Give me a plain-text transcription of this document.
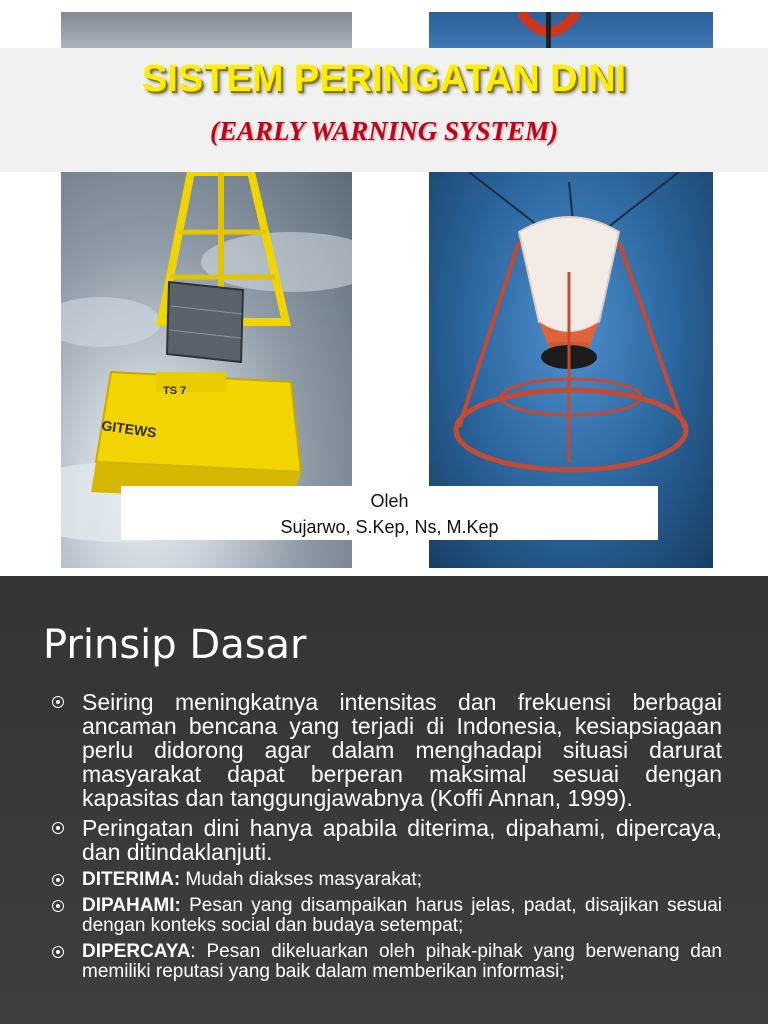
GITEWS
TS 7
SISTEM PERINGATAN DINI
(EARLY WARNING SYSTEM)
Oleh
Sujarwo, S.Kep, Ns, M.Kep
Prinsip Dasar
Seiring meningkatnya intensitas dan frekuensi berbagai ancaman bencana yang terjadi di Indonesia, kesiapsiagaan perlu didorong agar dalam menghadapi situasi darurat masyarakat dapat berperan maksimal sesuai dengan kapasitas dan tanggungjawabnya (Koffi Annan, 1999).
Peringatan dini hanya apabila diterima, dipahami, dipercaya, dan ditindaklanjuti.
DITERIMA: Mudah diakses masyarakat;
DIPAHAMI: Pesan yang disampaikan harus jelas, padat, disajikan sesuai dengan konteks social dan budaya setempat;
DIPERCAYA: Pesan dikeluarkan oleh pihak-pihak yang berwenang dan memiliki reputasi yang baik dalam memberikan informasi;
